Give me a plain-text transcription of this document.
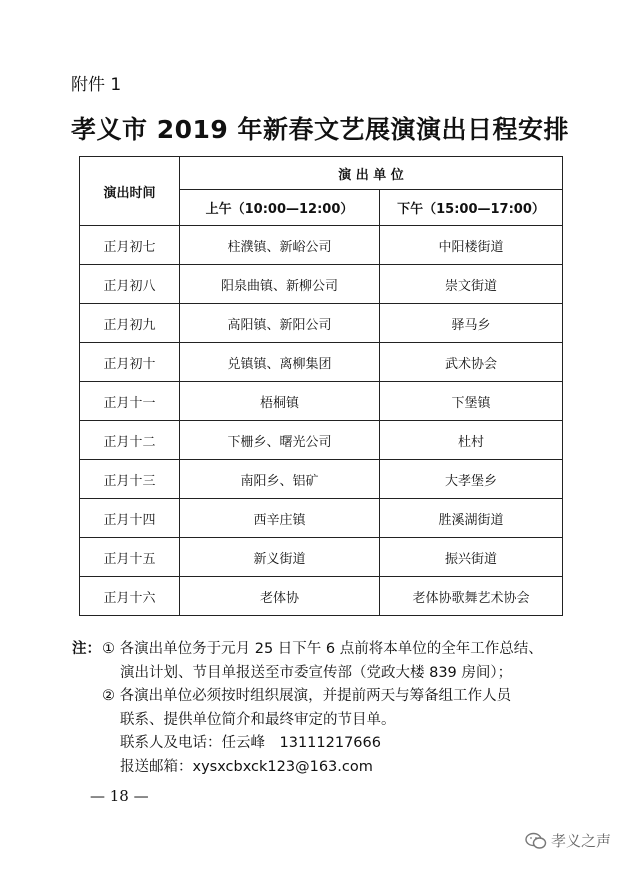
附件 1
孝义市 2019 年新春文艺展演演出日程安排
演出时间	演 出 单 位	
	上午（10:00—12:00）	下午（15:00—17:00）
正月初七	柱濮镇、新峪公司	中阳楼街道
正月初八	阳泉曲镇、新柳公司	崇文街道
正月初九	高阳镇、新阳公司	驿马乡
正月初十	兑镇镇、离柳集团	武术协会
正月十一	梧桐镇	下堡镇
正月十二	下栅乡、曙光公司	杜村
正月十三	南阳乡、铝矿	大孝堡乡
正月十四	西辛庄镇	胜溪湖街道
正月十五	新义街道	振兴街道
正月十六	老体协	老体协歌舞艺术协会
注：① 各演出单位务于元月 25 日下午 6 点前将本单位的全年工作总结、
演出计划、节目单报送至市委宣传部（党政大楼 839 房间）；
② 各演出单位必须按时组织展演，并提前两天与筹备组工作人员
联系、提供单位简介和最终审定的节目单。
联系人及电话：任云峰　13111217666
报送邮箱：xysxcbxck123@163.com
— 18 —
孝义之声
